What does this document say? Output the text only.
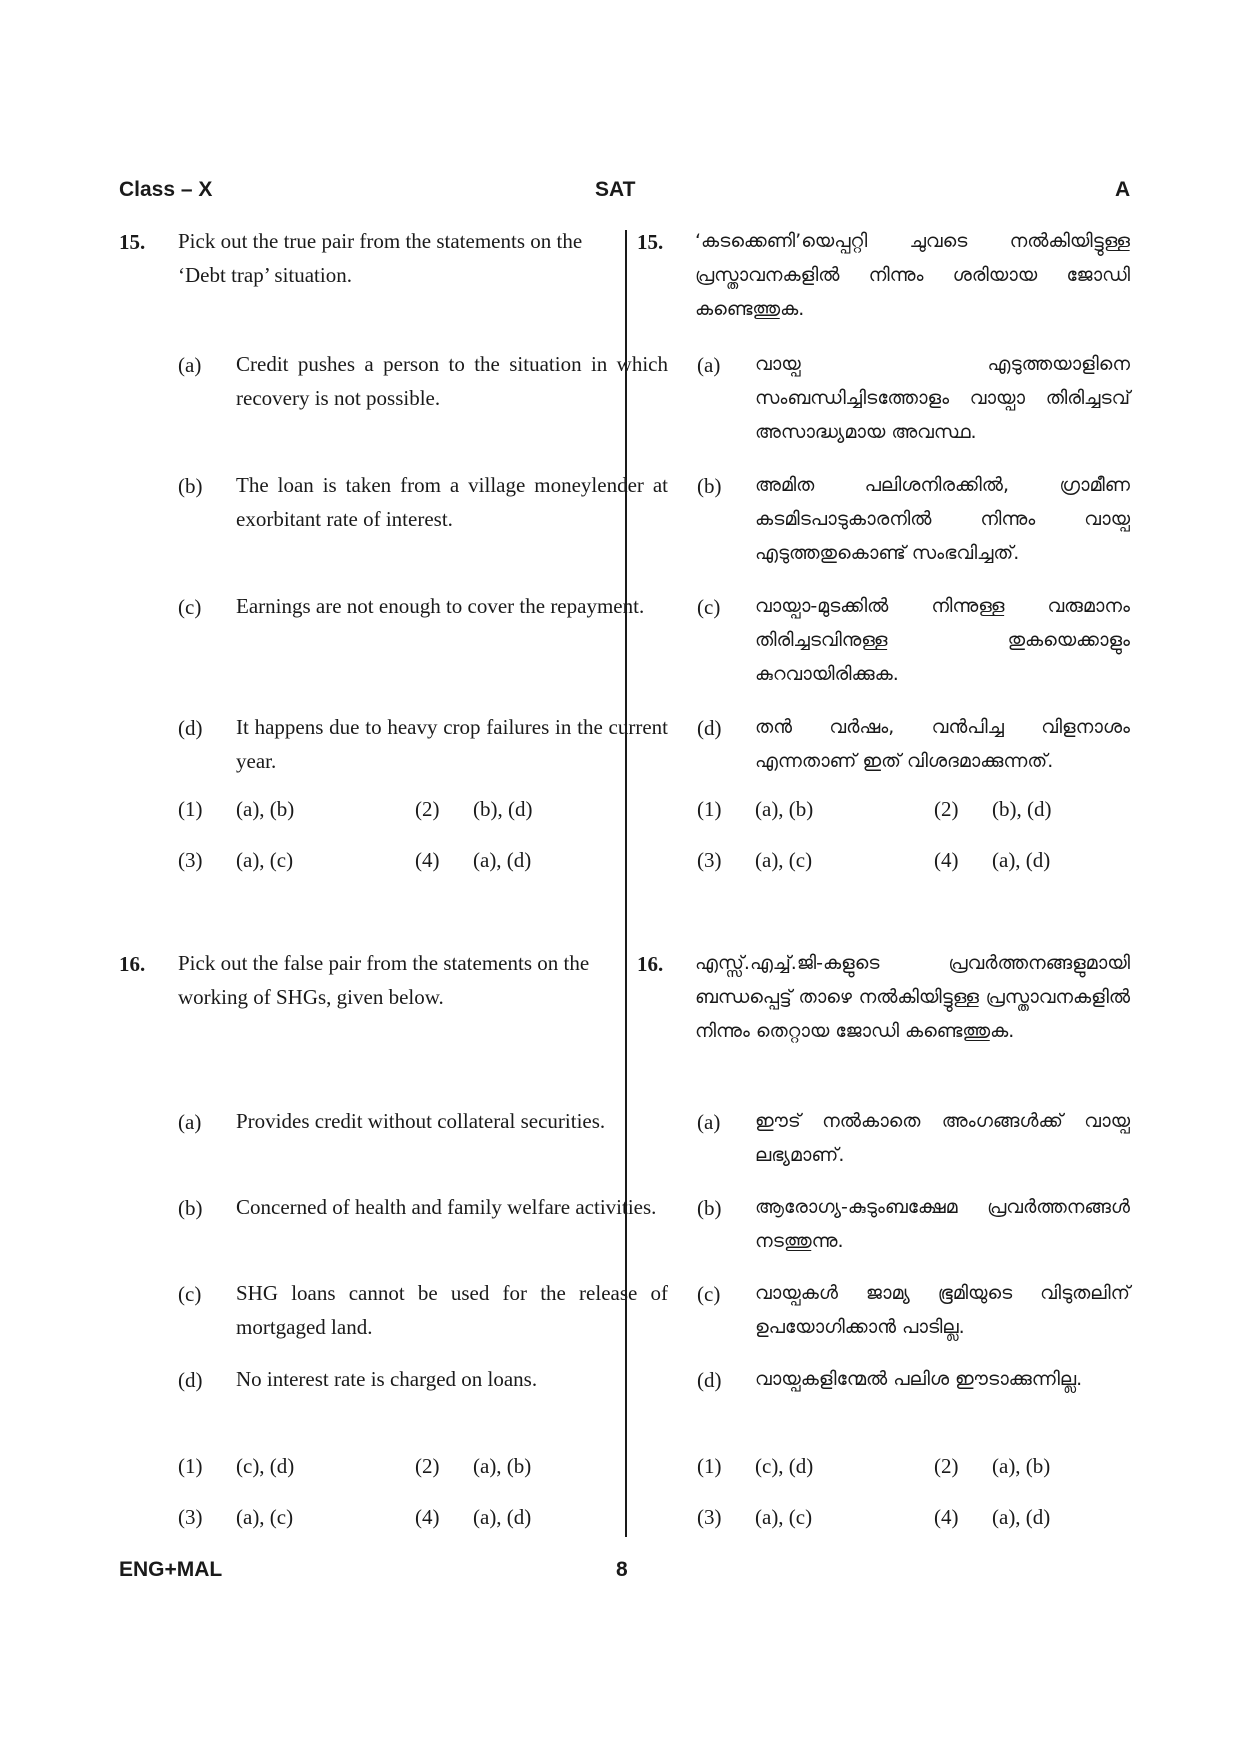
Class – X	SAT	A
15. Pick out the true pair from the statements on the ‘Debt trap’ situation.
(a) Credit pushes a person to the situation in which recovery is not possible.
(b) The loan is taken from a village moneylender at exorbitant rate of interest.
(c) Earnings are not enough to cover the repayment.
(d) It happens due to heavy crop failures in the current year.
(1) (a), (b)	(2) (b), (d)
(3) (a), (c)	(4) (a), (d)
15. ‘കടക്കെണി’യെപ്പറ്റി ചുവടെ നൽകിയിട്ടുള്ള പ്രസ്താവനകളിൽ നിന്നും ശരിയായ ജോഡി കണ്ടെത്തുക.
(a) വായ്പ എടുത്തയാളിനെ സംബന്ധിച്ചിടത്തോളം വായ്പാ തിരിച്ചടവ് അസാദ്ധ്യമായ അവസ്ഥ.
(b) അമിത പലിശനിരക്കിൽ, ഗ്രാമീണ കടമിടപാടുകാരനിൽ നിന്നും വായ്പ എടുത്തതുകൊണ്ട് സംഭവിച്ചത്.
(c) വായ്പാ-മുടക്കിൽ നിന്നുള്ള വരുമാനം തിരിച്ചടവിനുള്ള തുകയെക്കാളും കുറവായിരിക്കുക.
(d) തൻ വർഷം, വൻപിച്ച വിളനാശം എന്നതാണ് ഇത് വിശദമാക്കുന്നത്.
(1) (a), (b)	(2) (b), (d)
(3) (a), (c)	(4) (a), (d)
16. Pick out the false pair from the statements on the working of SHGs, given below.
(a) Provides credit without collateral securities.
(b) Concerned of health and family welfare activities.
(c) SHG loans cannot be used for the release of mortgaged land.
(d) No interest rate is charged on loans.
(1) (c), (d)	(2) (a), (b)
(3) (a), (c)	(4) (a), (d)
16. എസ്സ്.എച്ച്.ജി-കളുടെ പ്രവർത്തനങ്ങളുമായി ബന്ധപ്പെട്ട് താഴെ നൽകിയിട്ടുള്ള പ്രസ്താവനകളിൽ നിന്നും തെറ്റായ ജോഡി കണ്ടെത്തുക.
(a) ഈട് നൽകാതെ അംഗങ്ങൾക്ക് വായ്പ ലഭ്യമാണ്.
(b) ആരോഗ്യ-കുടുംബക്ഷേമ പ്രവർത്തനങ്ങൾ നടത്തുന്നു.
(c) വായ്പകൾ ജാമ്യ ഭൂമിയുടെ വിടുതലിന് ഉപയോഗിക്കാൻ പാടില്ല.
(d) വായ്പകളിന്മേൽ പലിശ ഈടാക്കുന്നില്ല.
(1) (c), (d)	(2) (a), (b)
(3) (a), (c)	(4) (a), (d)
ENG+MAL	8
